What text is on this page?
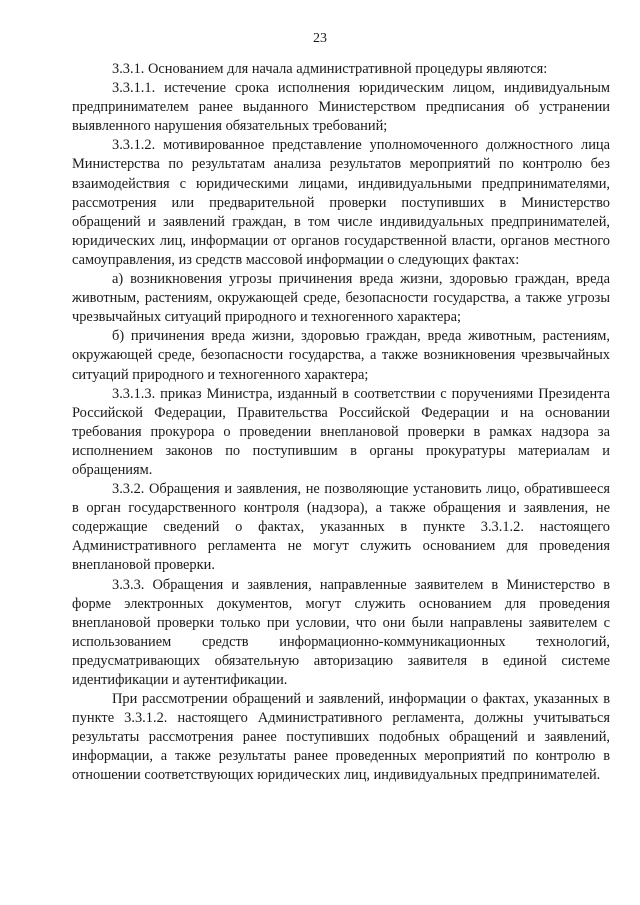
23

3.3.1. Основанием для начала административной процедуры являются:

3.3.1.1. истечение срока исполнения юридическим лицом, индивидуальным предпринимателем ранее выданного Министерством предписания об устранении выявленного нарушения обязательных требований;

3.3.1.2. мотивированное представление уполномоченного должностного лица Министерства по результатам анализа результатов мероприятий по контролю без взаимодействия с юридическими лицами, индивидуальными предпринимателями, рассмотрения или предварительной проверки поступивших в Министерство обращений и заявлений граждан, в том числе индивидуальных предпринимателей, юридических лиц, информации от органов государственной власти, органов местного самоуправления, из средств массовой информации о следующих фактах:

а) возникновения угрозы причинения вреда жизни, здоровью граждан, вреда животным, растениям, окружающей среде, безопасности государства, а также угрозы чрезвычайных ситуаций природного и техногенного характера;

б) причинения вреда жизни, здоровью граждан, вреда животным, растениям, окружающей среде, безопасности государства, а также возникновения чрезвычайных ситуаций природного и техногенного характера;

3.3.1.3. приказ Министра, изданный в соответствии с поручениями Президента Российской Федерации, Правительства Российской Федерации и на основании требования прокурора о проведении внеплановой проверки в рамках надзора за исполнением законов по поступившим в органы прокуратуры материалам и обращениям.

3.3.2. Обращения и заявления, не позволяющие установить лицо, обратившееся в орган государственного контроля (надзора), а также обращения и заявления, не содержащие сведений о фактах, указанных в пункте 3.3.1.2. настоящего Административного регламента не могут служить основанием для проведения внеплановой проверки.

3.3.3. Обращения и заявления, направленные заявителем в Министерство в форме электронных документов, могут служить основанием для проведения внеплановой проверки только при условии, что они были направлены заявителем с использованием средств информационно-коммуникационных технологий, предусматривающих обязательную авторизацию заявителя в единой системе идентификации и аутентификации.

При рассмотрении обращений и заявлений, информации о фактах, указанных в пункте 3.3.1.2. настоящего Административного регламента, должны учитываться результаты рассмотрения ранее поступивших подобных обращений и заявлений, информации, а также результаты ранее проведенных мероприятий по контролю в отношении соответствующих юридических лиц, индивидуальных предпринимателей.
